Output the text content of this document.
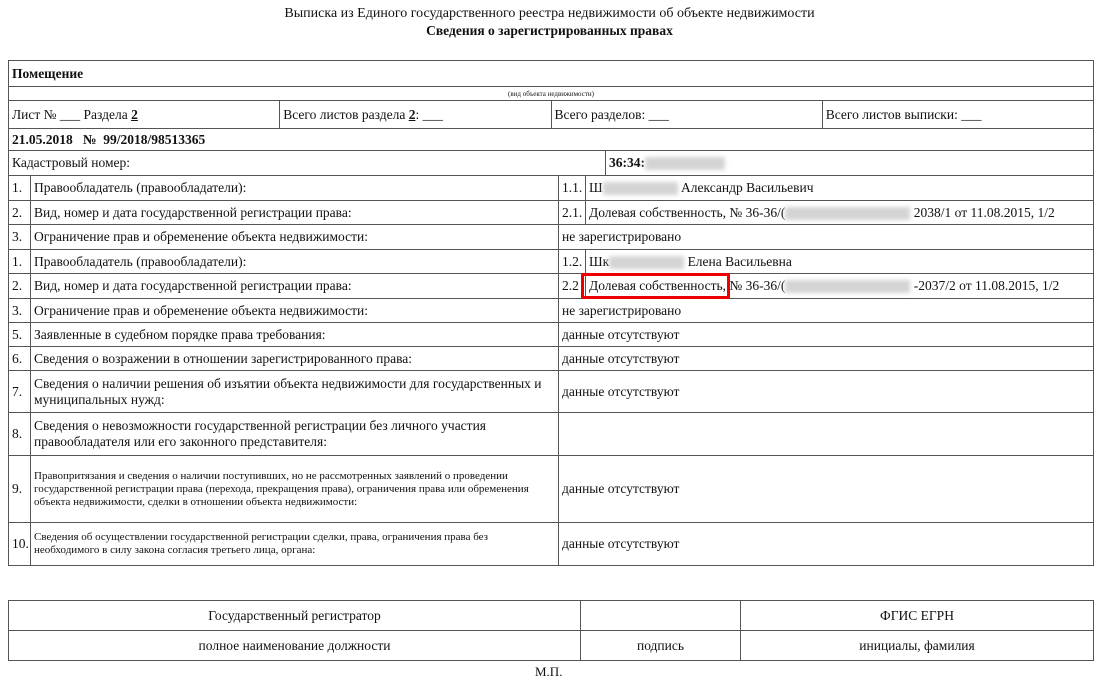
Выписка из Единого государственного реестра недвижимости об объекте недвижимости
Сведения о зарегистрированных правах
Помещение
(вид объекта недвижимости)
Лист № ___ Раздела 2	Всего листов раздела 2: ___	Всего разделов: ___	Всего листов выписки: ___
21.05.2018 № 99/2018/98513365
Кадастровый номер:	36:34:
1.	Правообладатель (правообладатели):	1.1.	Ш Александр Васильевич
2.	Вид, номер и дата государственной регистрации права:	2.1.	Долевая собственность, № 36-36/( 2038/1 от 11.08.2015, 1/2
3.	Ограничение прав и обременение объекта недвижимости:	не зарегистрировано	
1.	Правообладатель (правообладатели):	1.2.	Шк Елена Васильевна
2.	Вид, номер и дата государственной регистрации права:	2.2	Долевая собственность, № 36-36/( -2037/2 от 11.08.2015, 1/2
3.	Ограничение прав и обременение объекта недвижимости:	не зарегистрировано	
5.	Заявленные в судебном порядке права требования:	данные отсутствуют	
6.	Сведения о возражении в отношении зарегистрированного права:	данные отсутствуют	
7.	Сведения о наличии решения об изъятии объекта недвижимости для государственных и муниципальных нужд:	данные отсутствуют	
8.	Сведения о невозможности государственной регистрации без личного участия правообладателя или его законного представителя:		
9.	Правопритязания и сведения о наличии поступивших, но не рассмотренных заявлений о проведении государственной регистрации права (перехода, прекращения права), ограничения права или обременения объекта недвижимости, сделки в отношении объекта недвижимости:	данные отсутствуют	
10.	Сведения об осуществлении государственной регистрации сделки, права, ограничения права без необходимого в силу закона согласия третьего лица, органа:	данные отсутствуют	
Государственный регистратор		ФГИС ЕГРН
полное наименование должности	подпись	инициалы, фамилия
М.П.
